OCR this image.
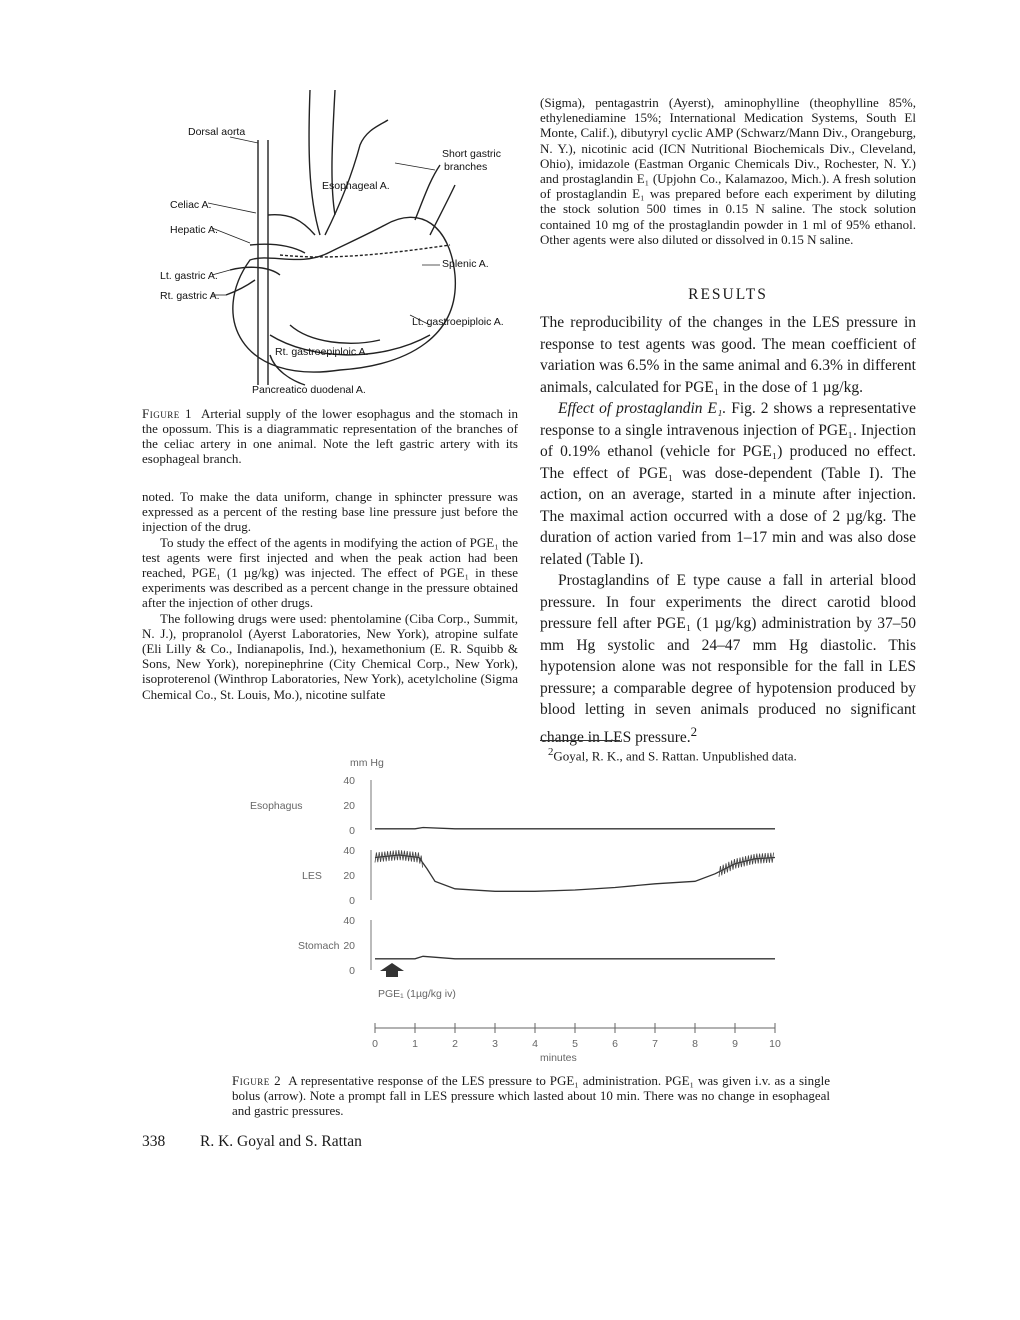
Dorsal aorta
Celiac A.
Hepatic A.
Lt. gastric A.
Rt. gastric A.
Esophageal A.
Short gastric
branches
Splenic A.
Lt. gastroepiploic A.
Rt. gastroepiploic A.
Pancreatico duodenal A.
Figure 1 Arterial supply of the lower esophagus and the stomach in the opossum. This is a diagrammatic representation of the branches of the celiac artery in one animal. Note the left gastric artery with its esophageal branch.

noted. To make the data uniform, change in sphincter pressure was expressed as a percent of the resting base line pressure just before the injection of the drug.

To study the effect of the agents in modifying the action of PGE₁ the test agents were first injected and when the peak action had been reached, PGE₁ (1 µg/kg) was injected. The effect of PGE₁ in these experiments was described as a percent change in the pressure obtained after the injection of other drugs.

The following drugs were used: phentolamine (Ciba Corp., Summit, N. J.), propranolol (Ayerst Laboratories, New York), atropine sulfate (Eli Lilly & Co., Indianapolis, Ind.), hexamethonium (E. R. Squibb & Sons, New York), norepinephrine (City Chemical Corp., New York), isoproterenol (Winthrop Laboratories, New York), acetylcholine (Sigma Chemical Co., St. Louis, Mo.), nicotine sulfate

(Sigma), pentagastrin (Ayerst), aminophylline (theophylline 85%, ethylenediamine 15%; International Medication Systems, South El Monte, Calif.), dibutyryl cyclic AMP (Schwarz/Mann Div., Orangeburg, N. Y.), nicotinic acid (ICN Nutritional Biochemicals Div., Cleveland, Ohio), imidazole (Eastman Organic Chemicals Div., Rochester, N. Y.) and prostaglandin E₁ (Upjohn Co., Kalamazoo, Mich.). A fresh solution of prostaglandin E₁ was prepared before each experiment by diluting the stock solution 500 times in 0.15 N saline. The stock solution contained 10 mg of the prostaglandin powder in 1 ml of 95% ethanol. Other agents were also diluted or dissolved in 0.15 N saline.

RESULTS

The reproducibility of the changes in the LES pressure in response to test agents was good. The mean coefficient of variation was 6.5% in the same animal and 6.3% in different animals, calculated for PGE₁ in the dose of 1 µg/kg.

Effect of prostaglandin E₁. Fig. 2 shows a representative response to a single intravenous injection of PGE₁. Injection of 0.19% ethanol (vehicle for PGE₁) produced no effect. The effect of PGE₁ was dose-dependent (Table I). The action, on an average, started in a minute after injection. The maximal action occurred with a dose of 2 µg/kg. The duration of action varied from 1–17 min and was also dose related (Table I).

Prostaglandins of E type cause a fall in arterial blood pressure. In four experiments the direct carotid blood pressure fell after PGE₁ (1 µg/kg) administration by 37–50 mm Hg systolic and 24–47 mm Hg diastolic. This hypotension alone was not responsible for the fall in LES pressure; a comparable degree of hypotension produced by blood letting in seven animals produced no significant change in LES pressure.$^2$

$^2$Goyal, R. K., and S. Rattan. Unpublished data.
mm Hg
Esophagus
40
20
0
LES
40
20
0
Stomach
40
20
0
PGE₁ (1µg/kg iv)
0	1	2	3	4	5	6	7	8	9	10
minutes
Figure 2 A representative response of the LES pressure to PGE₁ administration. PGE₁ was given i.v. as a single bolus (arrow). Note a prompt fall in LES pressure which lasted about 10 min. There was no change in esophageal and gastric pressures.
338 R. K. Goyal and S. Rattan
